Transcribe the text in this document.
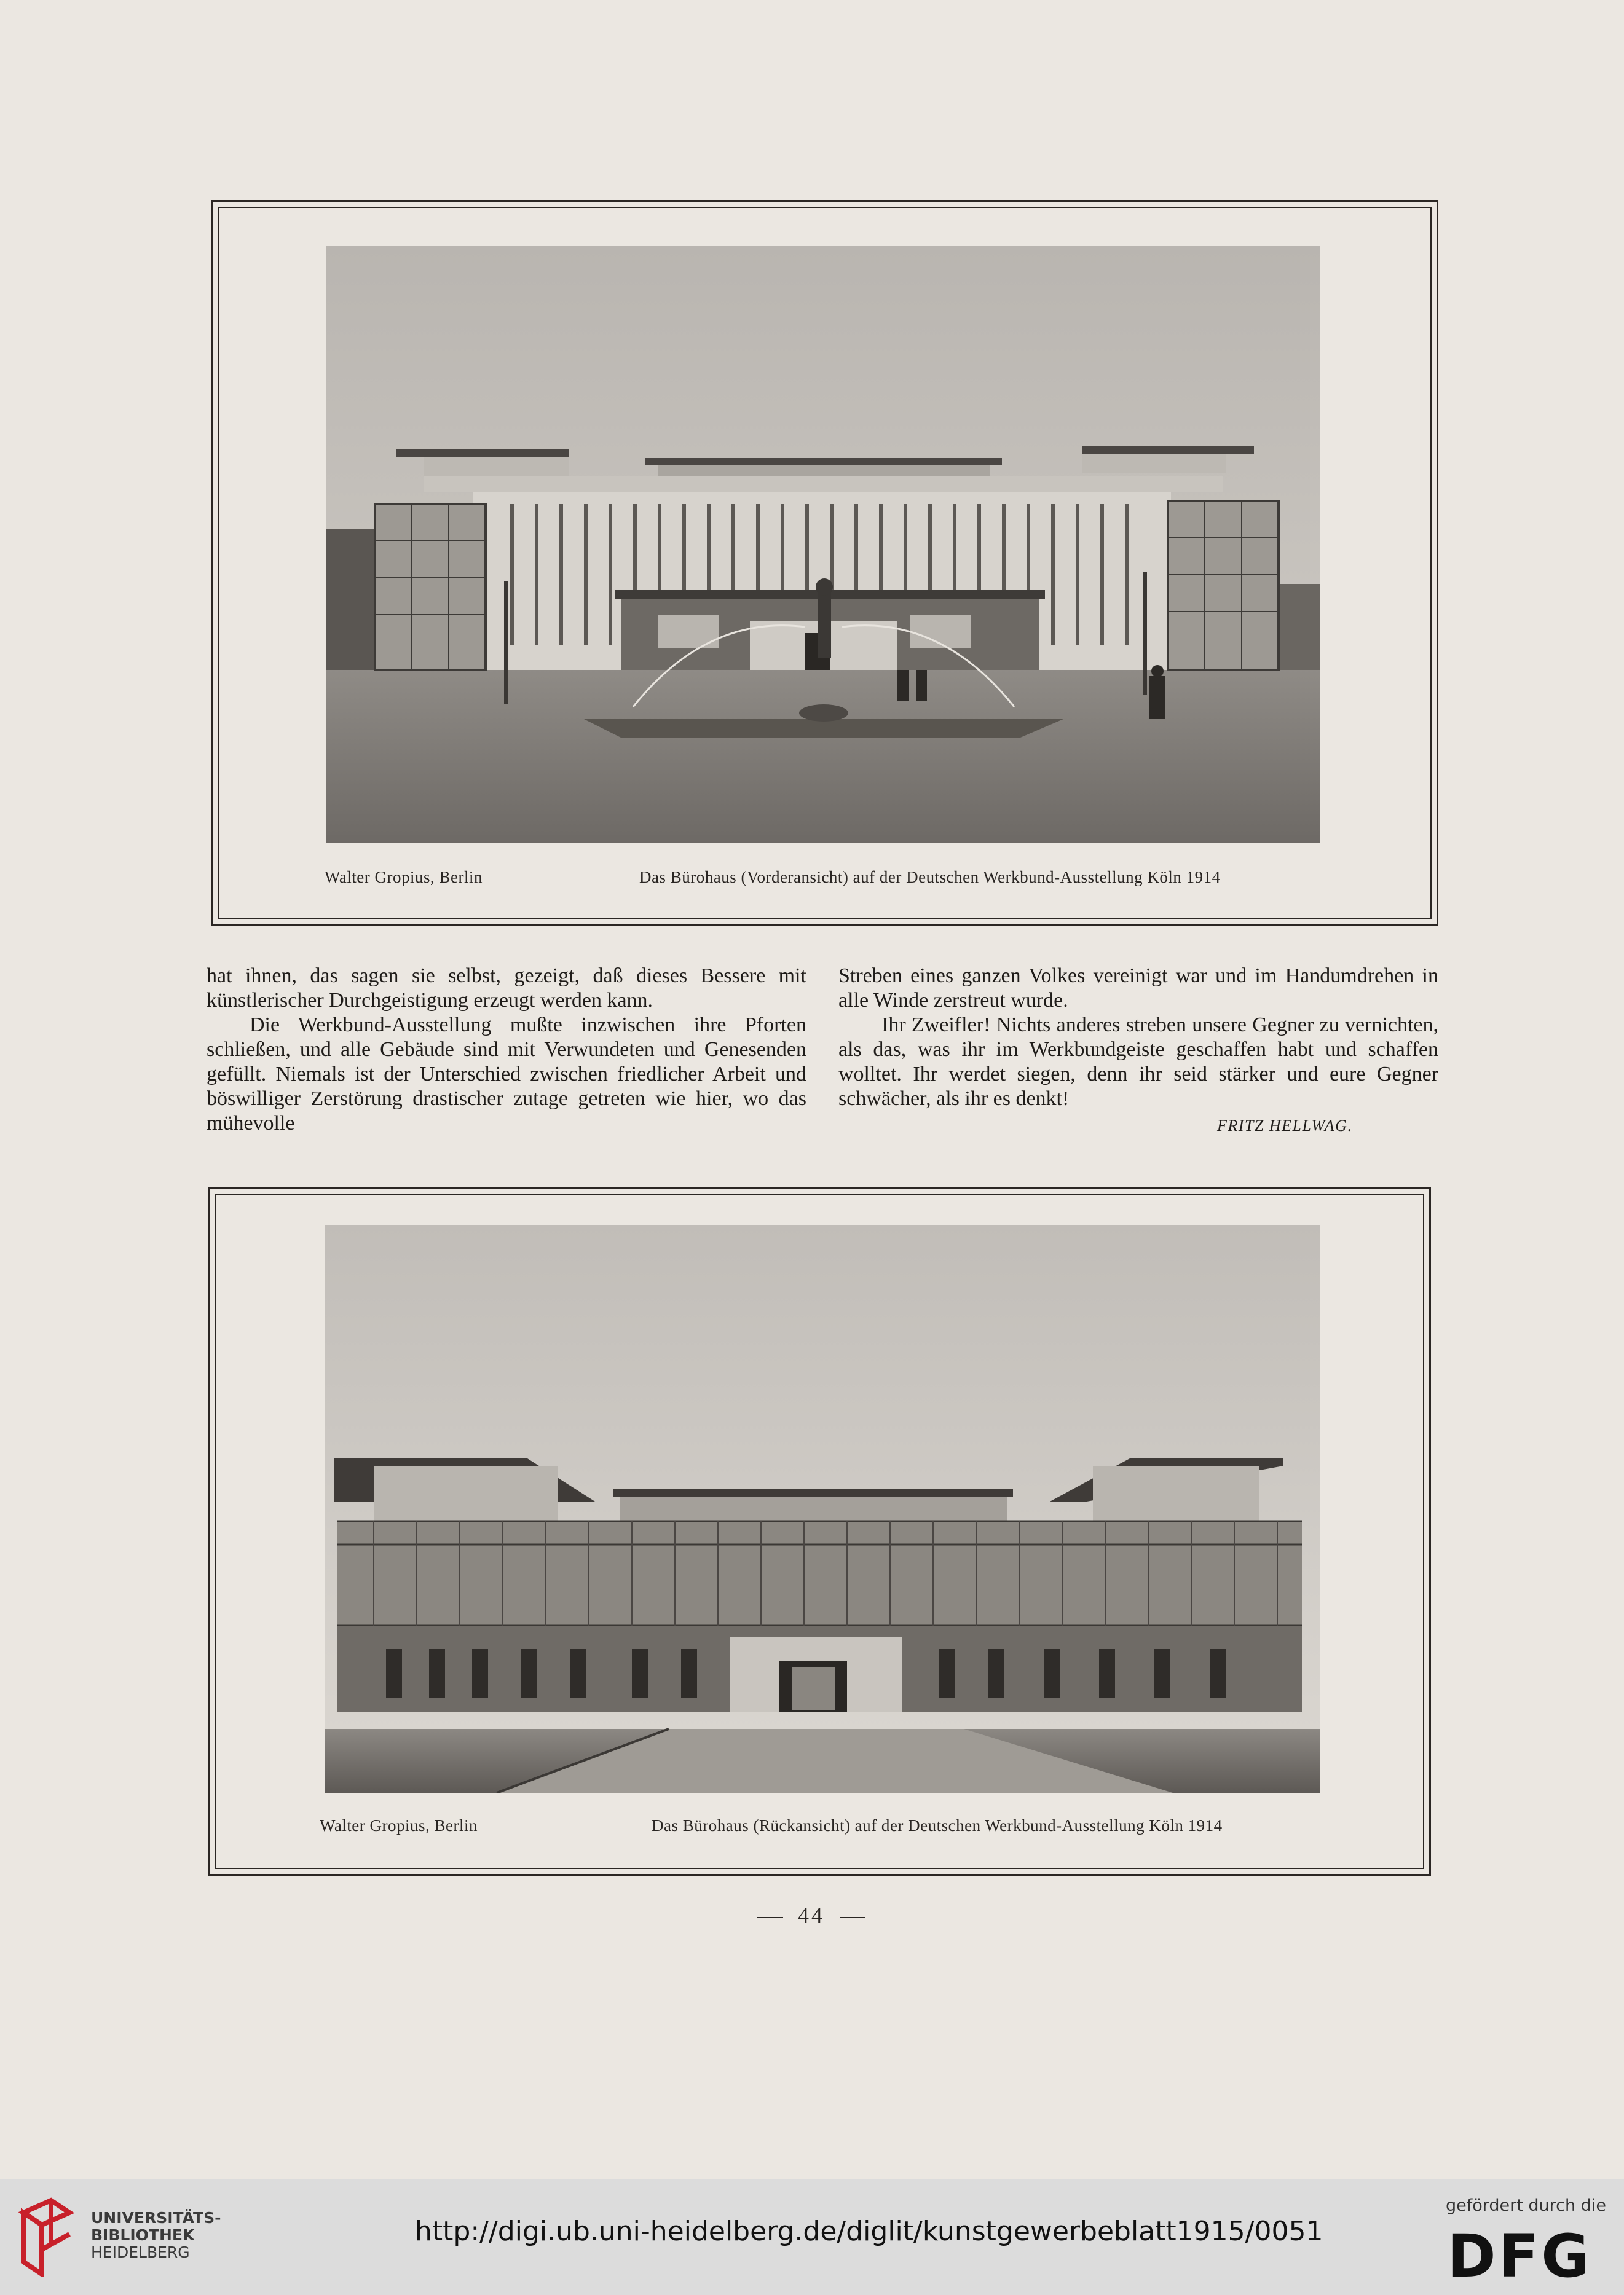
Walter Gropius, Berlin	Das Bürohaus (Vorderansicht) auf der Deutschen Werkbund-Ausstellung Köln 1914

hat ihnen, das sagen sie selbst, gezeigt, daß dieses Bessere mit künstlerischer Durchgeistigung erzeugt werden kann.

Die Werkbund-Ausstellung mußte inzwischen ihre Pforten schließen, und alle Gebäude sind mit Verwundeten und Genesenden gefüllt. Niemals ist der Unterschied zwischen friedlicher Arbeit und böswilliger Zerstörung drastischer zutage getreten wie hier, wo das mühevolle

Streben eines ganzen Volkes vereinigt war und im Handumdrehen in alle Winde zerstreut wurde.

Ihr Zweifler! Nichts anderes streben unsere Gegner zu vernichten, als das, was ihr im Werkbundgeiste geschaffen habt und schaffen wolltet. Ihr werdet siegen, denn ihr seid stärker und eure Gegner schwächer, als ihr es denkt!

FRITZ HELLWAG.
Walter Gropius, Berlin	Das Bürohaus (Rückansicht) auf der Deutschen Werkbund-Ausstellung Köln 1914
44
UNIVERSITÄTS-
BIBLIOTHEK
HEIDELBERG
http://digi.ub.uni-heidelberg.de/diglit/kunstgewerbeblatt1915/0051
gefördert durch die
DFG
